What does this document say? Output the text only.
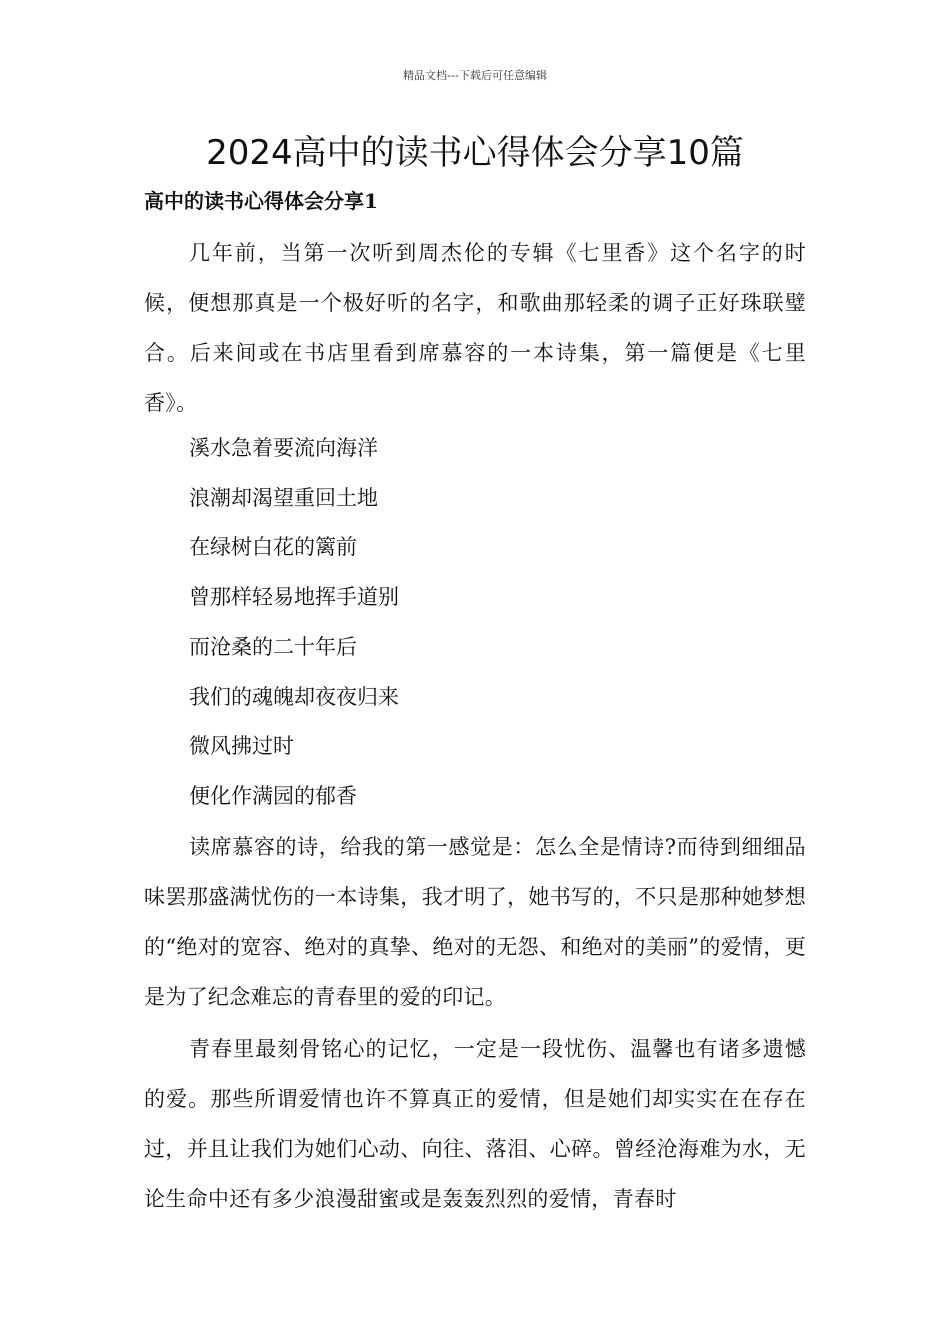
精品文档---下载后可任意编辑
2024高中的读书心得体会分享10篇
高中的读书心得体会分享1

几年前，当第一次听到周杰伦的专辑《七里香》这个名字的时候，便想那真是一个极好听的名字，和歌曲那轻柔的调子正好珠联璧合。后来间或在书店里看到席慕容的一本诗集，第一篇便是《七里香》。

溪水急着要流向海洋
浪潮却渴望重回土地
在绿树白花的篱前
曾那样轻易地挥手道别
而沧桑的二十年后
我们的魂魄却夜夜归来
微风拂过时
便化作满园的郁香

读席慕容的诗，给我的第一感觉是：怎么全是情诗?而待到细细品味罢那盛满忧伤的一本诗集，我才明了，她书写的，不只是那种她梦想的“绝对的宽容、绝对的真挚、绝对的无怨、和绝对的美丽”的爱情，更是为了纪念难忘的青春里的爱的印记。

青春里最刻骨铭心的记忆，一定是一段忧伤、温馨也有诸多遗憾的爱。那些所谓爱情也许不算真正的爱情，但是她们却实实在在存在过，并且让我们为她们心动、向往、落泪、心碎。曾经沧海难为水，无论生命中还有多少浪漫甜蜜或是轰轰烈烈的爱情，青春时
